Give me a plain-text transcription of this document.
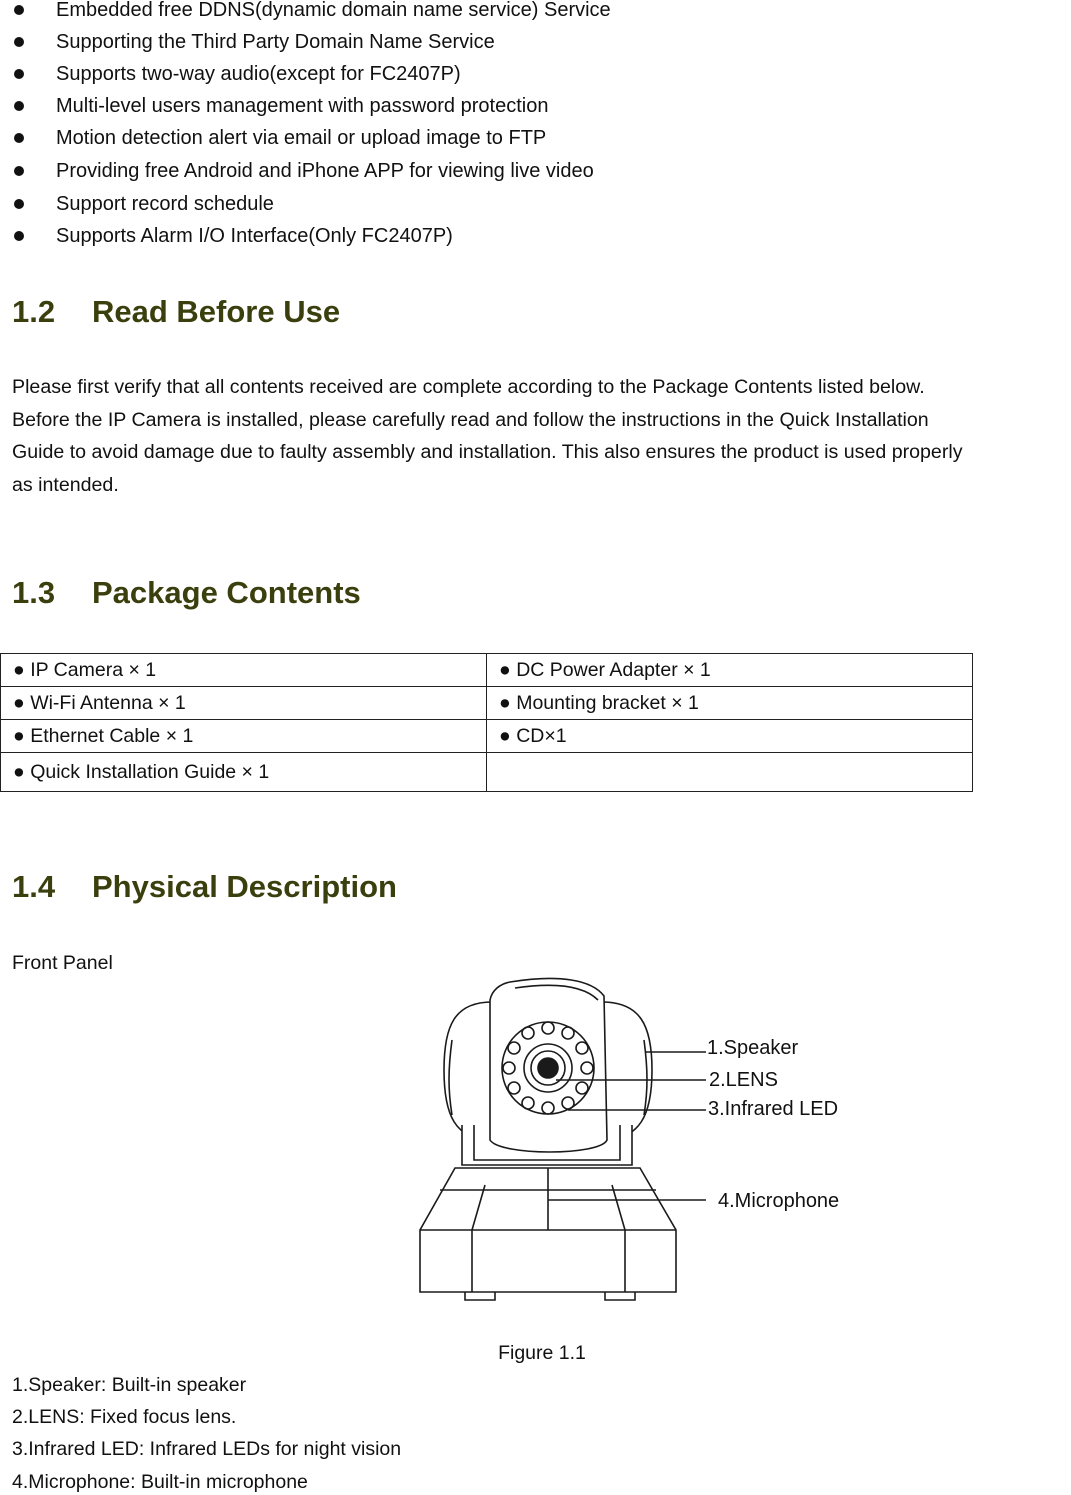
Embedded free DDNS(dynamic domain name service) Service
Supporting the Third Party Domain Name Service
Supports two-way audio(except for FC2407P)
Multi-level users management with password protection
Motion detection alert via email or upload image to FTP
Providing free Android and iPhone APP for viewing live video
Support record schedule
Supports Alarm I/O Interface(Only FC2407P)
1.2 Read Before Use

Please first verify that all contents received are complete according to the Package Contents listed below.
Before the IP Camera is installed, please carefully read and follow the instructions in the Quick Installation
Guide to avoid damage due to faulty assembly and installation. This also ensures the product is used properly
as intended.

1.3 Package Contents
● IP Camera × 1	● DC Power Adapter × 1
● Wi-Fi Antenna × 1	● Mounting bracket × 1
● Ethernet Cable × 1	● CD×1
● Quick Installation Guide × 1	
1.4 Physical Description
Front Panel
1.Speaker
2.LENS
3.Infrared LED
4.Microphone
Figure 1.1
1.Speaker: Built-in speaker
2.LENS: Fixed focus lens.
3.Infrared LED: Infrared LEDs for night vision
4.Microphone: Built-in microphone
